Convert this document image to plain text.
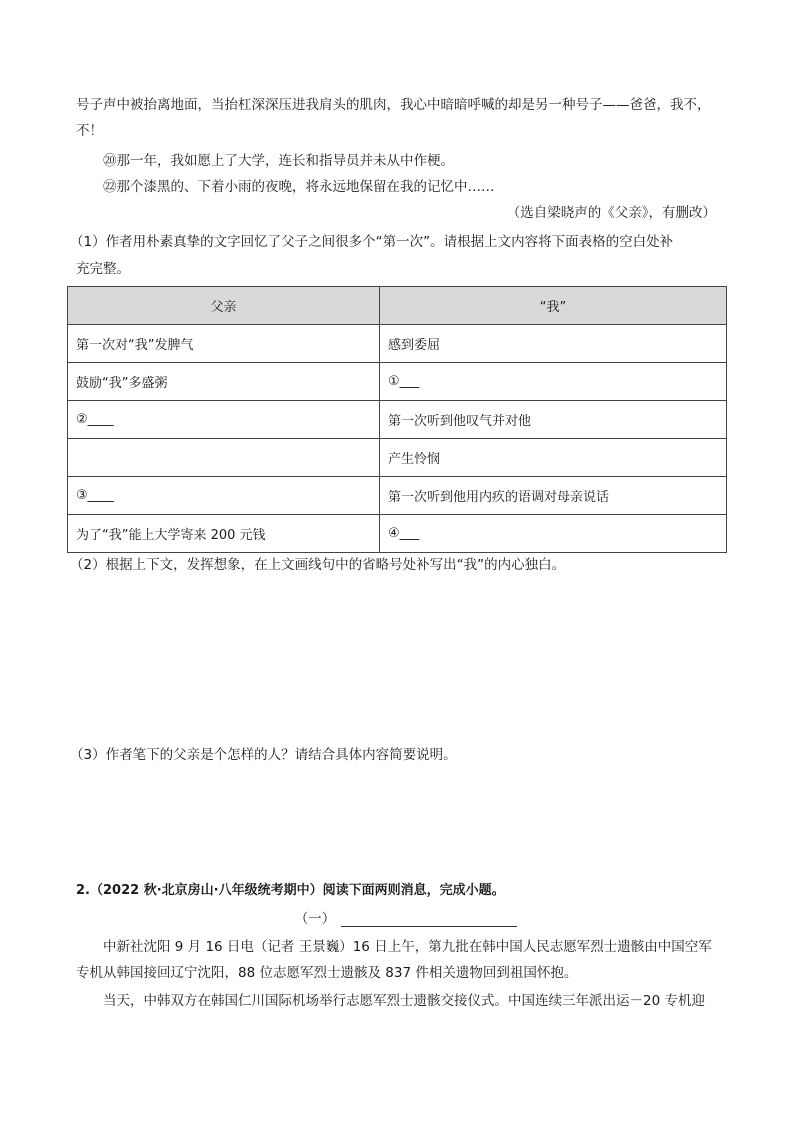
号子声中被抬离地面，当抬杠深深压进我肩头的肌肉，我心中暗暗呼喊的却是另一种号子——爸爸，我不，

不！

⑳那一年，我如愿上了大学，连长和指导员并未从中作梗。

㉒那个漆黑的、下着小雨的夜晚，将永远地保留在我的记忆中……

（选自梁晓声的《父亲》，有删改）

（1）作者用朴素真挚的文字回忆了父子之间很多个“第一次”。请根据上文内容将下面表格的空白处补

充完整。

父亲	“我”
第一次对“我”发脾气	感到委屈
鼓励“我”多盛粥	①___
②____	第一次听到他叹气并对他
	产生怜悯
③____	第一次听到他用内疚的语调对母亲说话
为了“我”能上大学寄来 200 元钱	④___

（2）根据上下文，发挥想象，在上文画线句中的省略号处补写出“我”的内心独白。

（3）作者笔下的父亲是个怎样的人？请结合具体内容简要说明。

2.（2022 秋·北京房山·八年级统考期中）阅读下面两则消息，完成小题。

（一）

中新社沈阳 9 月 16 日电（记者 王景巍）16 日上午，第九批在韩中国人民志愿军烈士遗骸由中国空军

专机从韩国接回辽宁沈阳，88 位志愿军烈士遗骸及 837 件相关遗物回到祖国怀抱。

当天，中韩双方在韩国仁川国际机场举行志愿军烈士遗骸交接仪式。中国连续三年派出运－20 专机迎
